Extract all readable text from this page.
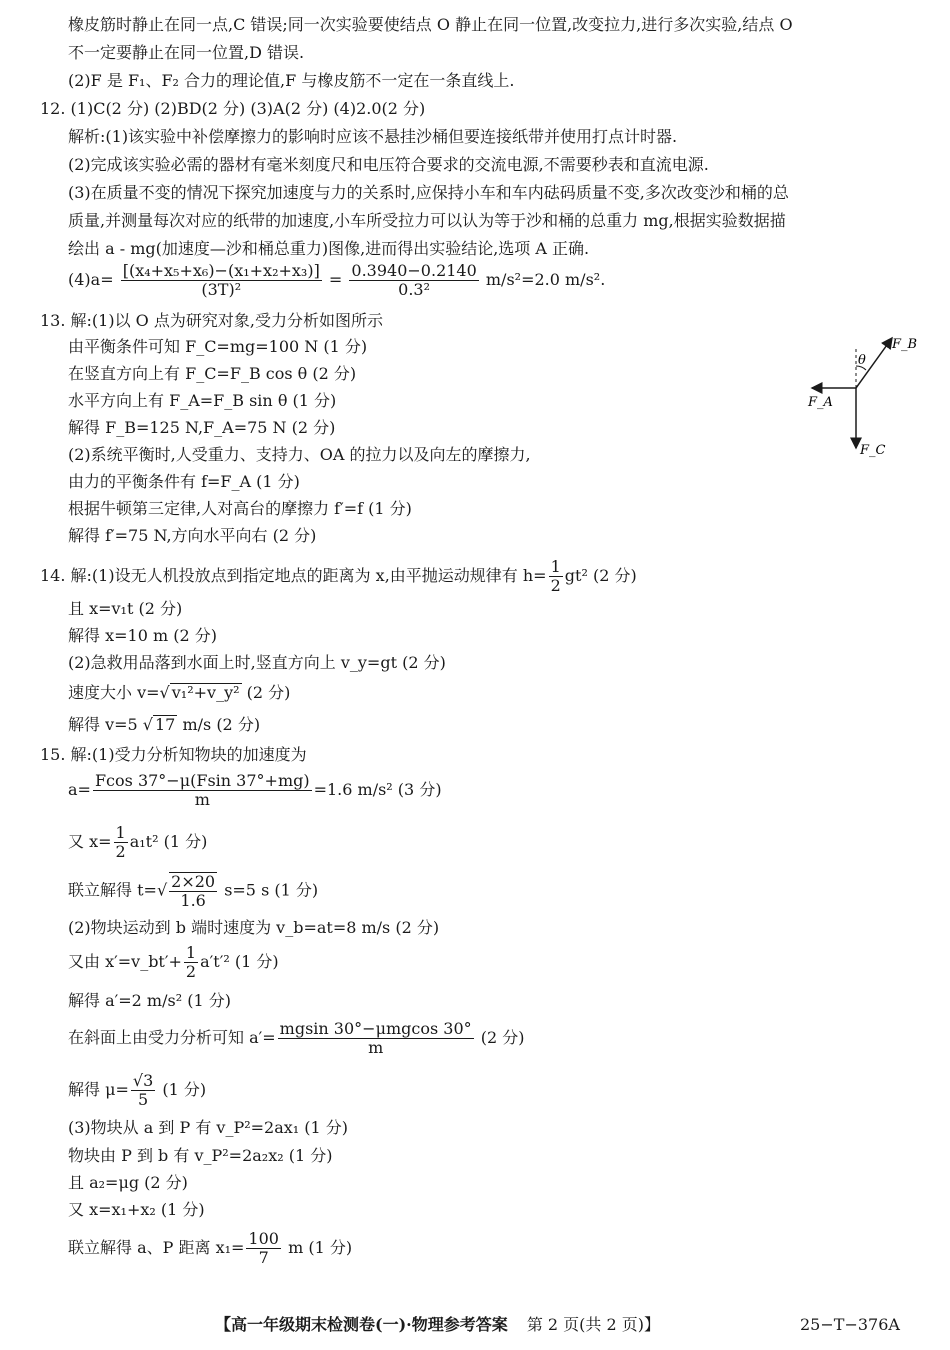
橡皮筋时静止在同一点,C 错误;同一次实验要使结点 O 静止在同一位置,改变拉力,进行多次实验,结点 O
不一定要静止在同一位置,D 错误.
(2)F 是 F₁、F₂ 合力的理论值,F 与橡皮筋不一定在一条直线上.
12. (1)C(2 分) (2)BD(2 分) (3)A(2 分) (4)2.0(2 分)
解析:(1)该实验中补偿摩擦力的影响时应该不悬挂沙桶但要连接纸带并使用打点计时器.
(2)完成该实验必需的器材有毫米刻度尺和电压符合要求的交流电源,不需要秒表和直流电源.
(3)在质量不变的情况下探究加速度与力的关系时,应保持小车和车内砝码质量不变,多次改变沙和桶的总
质量,并测量每次对应的纸带的加速度,小车所受拉力可以认为等于沙和桶的总重力 mg,根据实验数据描
绘出 a - mg(加速度—沙和桶总重力)图像,进而得出实验结论,选项 A 正确.
$(4)a= \frac{\text{[(x₄+x₅+x₆)−(x₁+x₂+x₃)]}}{\text{(3T)²}} = \frac{0.3940-0.2140}{\text{0.3²}} m/s^2=2.0$ m/s².
13. 解:(1)以 O 点为研究对象,受力分析如图所示
由平衡条件可知 F_C=mg=100 N (1 分)
在竖直方向上有 F_C=F_B cos θ (2 分)
水平方向上有 F_A=F_B sin θ (1 分)
解得 F_B=125 N,F_A=75 N (2 分)
(2)系统平衡时,人受重力、支持力、OA 的拉力以及向左的摩擦力,
由力的平衡条件有 f=F_A (1 分)
根据牛顿第三定律,人对高台的摩擦力 f′=f (1 分)
解得 f′=75 N,方向水平向右 (2 分)
θ
F_B
F_A
F_C
14. 解:(1)设无人机投放点到指定地点的距离为 x,由平抛运动规律有 $h= \frac{1}{2} gt^2$ (2 分)
且 x=v₁t (2 分)
解得 x=10 m (2 分)
(2)急救用品落到水面上时,竖直方向上 v_y=gt (2 分)
速度大小 v=√ v₁²+v_y² (2 分)
解得 v=5 √ 17 m/s (2 分)
15. 解:(1)受力分析知物块的加速度为
$a= \frac{Fcos 37^\circ-\mu(Fsin 37^\circ+mg)}{m} =1.6$ m/s² (3 分)
又 $x= \frac{1}{2} a_1t^2$ (1 分)
联立解得 $t=√ \frac{2\times 20}{1.6} s=5$ s (1 分)
(2)物块运动到 b 端时速度为 v_b=at=8 m/s (2 分)
又由 x′=v_bt′+ $\frac{1}{2} a't'^2$ (1 分)
解得 a′=2 m/s² (1 分)
在斜面上由受力分析可知 $a'= \frac{\text{mgsin 30°−μmgcos 30°}}{m} (2$ 分)
解得 $\mu= \frac{√3}{5} (1$ 分)
(3)物块从 a 到 P 有 v_P²=2ax₁ (1 分)
物块由 P 到 b 有 v_P²=2a₂x₂ (1 分)
且 a₂=μg (2 分)
又 x=x₁+x₂ (1 分)
联立解得 a、P 距离 $x_1= \frac{100}{7}$ m (1 分)
【高一年级期末检测卷(一)·物理参考答案 第 2 页(共 2 页)】	25−T−376A
